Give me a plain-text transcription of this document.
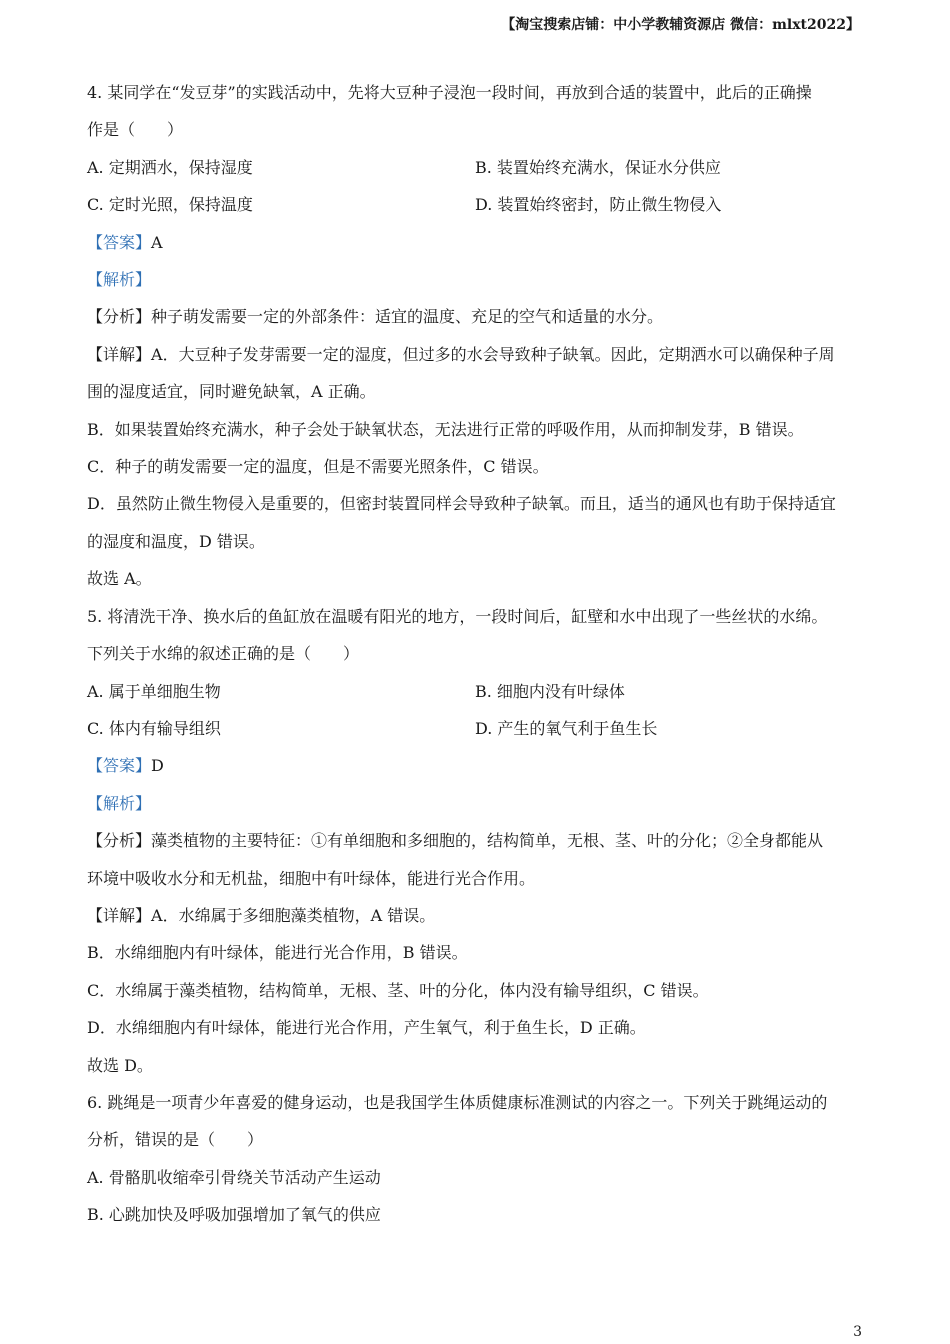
【淘宝搜索店铺：中小学教辅资源店 微信：mlxt2022】
4. 某同学在“发豆芽”的实践活动中，先将大豆种子浸泡一段时间，再放到合适的装置中，此后的正确操
作是（　　）
A. 定期洒水，保持湿度	B. 装置始终充满水，保证水分供应
C. 定时光照，保持温度	D. 装置始终密封，防止微生物侵入
【答案】A
【解析】
【分析】种子萌发需要一定的外部条件：适宜的温度、充足的空气和适量的水分。
【详解】A．大豆种子发芽需要一定的湿度，但过多的水会导致种子缺氧。因此，定期洒水可以确保种子周
围的湿度适宜，同时避免缺氧，A 正确。
B．如果装置始终充满水，种子会处于缺氧状态，无法进行正常的呼吸作用，从而抑制发芽，B 错误。
C．种子的萌发需要一定的温度，但是不需要光照条件，C 错误。
D．虽然防止微生物侵入是重要的，但密封装置同样会导致种子缺氧。而且，适当的通风也有助于保持适宜
的湿度和温度，D 错误。
故选 A。
5. 将清洗干净、换水后的鱼缸放在温暖有阳光的地方，一段时间后，缸壁和水中出现了一些丝状的水绵。
下列关于水绵的叙述正确的是（　　）
A. 属于单细胞生物	B. 细胞内没有叶绿体
C. 体内有输导组织	D. 产生的氧气利于鱼生长
【答案】D
【解析】
【分析】藻类植物的主要特征：①有单细胞和多细胞的，结构简单，无根、茎、叶的分化；②全身都能从
环境中吸收水分和无机盐，细胞中有叶绿体，能进行光合作用。
【详解】A．水绵属于多细胞藻类植物，A 错误。
B．水绵细胞内有叶绿体，能进行光合作用，B 错误。
C．水绵属于藻类植物，结构简单，无根、茎、叶的分化，体内没有输导组织，C 错误。
D．水绵细胞内有叶绿体，能进行光合作用，产生氧气，利于鱼生长，D 正确。
故选 D。
6. 跳绳是一项青少年喜爱的健身运动，也是我国学生体质健康标准测试的内容之一。下列关于跳绳运动的
分析，错误的是（　　）
A. 骨骼肌收缩牵引骨绕关节活动产生运动
B. 心跳加快及呼吸加强增加了氧气的供应
3
